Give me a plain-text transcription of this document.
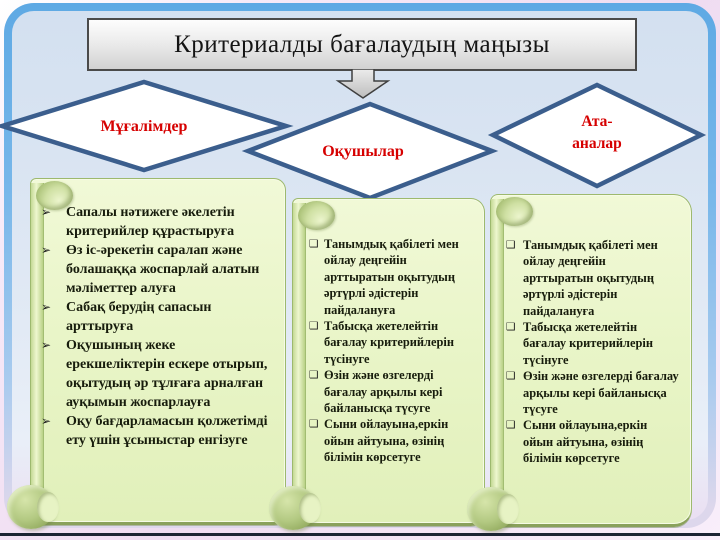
Критериалды бағалаудың маңызы
Мұғалімдер
Оқушылар
Ата-аналар
➢	Сапалы нәтижеге әкелетін критерийлер құрастыруға
➢	Өз іс-әрекетін саралап және болашаққа жоспарлай алатын мәліметтер алуға
➢	Сабақ берудің сапасын арттыруға
➢	Оқушының жеке ерекшеліктерін ескере отырып, оқытудың әр тұлғаға арналған ауқымын жоспарлауға
➢	Оқу бағдарламасын қолжетімді ету үшін ұсыныстар енгізуге
❑ Танымдық қабілеті мен ойлау деңгейін арттыратын оқытудың әртүрлі әдістерін пайдалануға
❑ Табысқа жетелейтін бағалау критерийлерін түсінуге
❑ Өзін және өзгелерді бағалау арқылы кері байланысқа түсуге
❑ Сыни ойлауына,еркін ойын айтуына, өзінің білімін көрсетуге
❑ Танымдық қабілеті мен ойлау деңгейін арттыратын оқытудың әртүрлі әдістерін пайдалануға
❑ Табысқа жетелейтін бағалау критерийлерін түсінуге
❑ Өзін және өзгелерді бағалау арқылы кері байланысқа түсуге
❑ Сыни ойлауына,еркін ойын айтуына, өзінің білімін көрсетуге
